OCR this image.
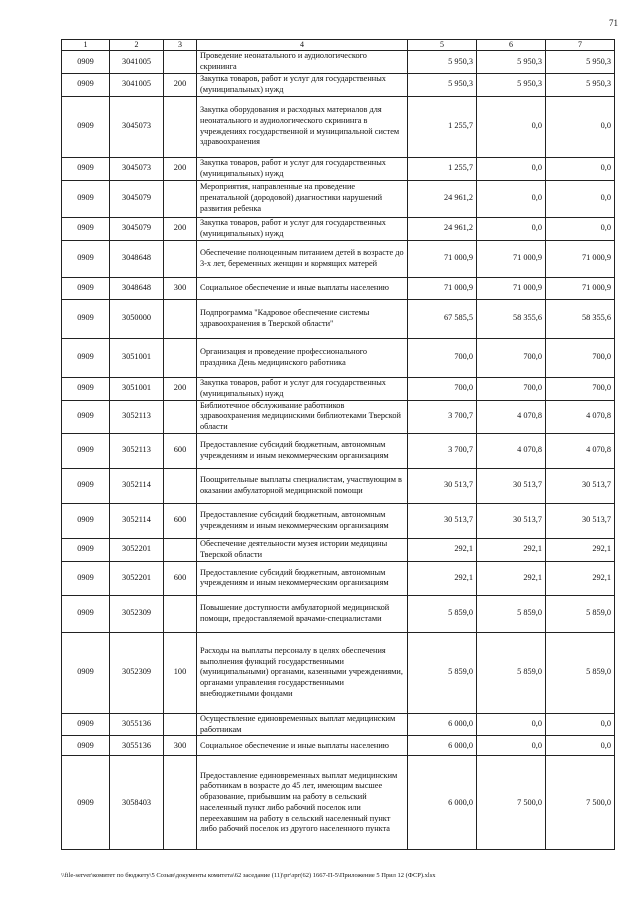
71
1	2	3	4	5	6	7
0909	3041005		Проведение неонатального и аудиологического скрининга	5 950,3	5 950,3	5 950,3
0909	3041005	200	Закупка товаров, работ и услуг для государственных (муниципальных) нужд	5 950,3	5 950,3	5 950,3
0909	3045073		Закупка оборудования и расходных материалов для неонатального и аудиологического скрининга в учреждениях государственной и муниципальной систем здравоохранения	1 255,7	0,0	0,0
0909	3045073	200	Закупка товаров, работ и услуг для государственных (муниципальных) нужд	1 255,7	0,0	0,0
0909	3045079		Мероприятия, направленные на проведение пренатальной (дородовой) диагностики нарушений развития ребенка	24 961,2	0,0	0,0
0909	3045079	200	Закупка товаров, работ и услуг для государственных (муниципальных) нужд	24 961,2	0,0	0,0
0909	3048648		Обеспечение полноценным питанием детей в возрасте до 3-х лет, беременных женщин и кормящих матерей	71 000,9	71 000,9	71 000,9
0909	3048648	300	Социальное обеспечение и иные выплаты населению	71 000,9	71 000,9	71 000,9
0909	3050000		Подпрограмма "Кадровое обеспечение системы здравоохранения в Тверской области"	67 585,5	58 355,6	58 355,6
0909	3051001		Организация и проведение профессионального праздника День медицинского работника	700,0	700,0	700,0
0909	3051001	200	Закупка товаров, работ и услуг для государственных (муниципальных) нужд	700,0	700,0	700,0
0909	3052113		Библиотечное обслуживание работников здравоохранения медицинскими библиотеками Тверской области	3 700,7	4 070,8	4 070,8
0909	3052113	600	Предоставление субсидий бюджетным, автономным учреждениям и иным некоммерческим организациям	3 700,7	4 070,8	4 070,8
0909	3052114		Поощрительные выплаты специалистам, участвующим в оказании амбулаторной медицинской помощи	30 513,7	30 513,7	30 513,7
0909	3052114	600	Предоставление субсидий бюджетным, автономным учреждениям и иным некоммерческим организациям	30 513,7	30 513,7	30 513,7
0909	3052201		Обеспечение деятельности музея истории медицины Тверской области	292,1	292,1	292,1
0909	3052201	600	Предоставление субсидий бюджетным, автономным учреждениям и иным некоммерческим организациям	292,1	292,1	292,1
0909	3052309		Повышение доступности амбулаторной медицинской помощи, предоставляемой врачами-специалистами	5 859,0	5 859,0	5 859,0
0909	3052309	100	Расходы на выплаты персоналу в целях обеспечения выполнения функций государственными (муниципальными) органами, казенными учреждениями, органами управления государственными внебюджетными фондами	5 859,0	5 859,0	5 859,0
0909	3055136		Осуществление единовременных выплат медицинским работникам	6 000,0	0,0	0,0
0909	3055136	300	Социальное обеспечение и иные выплаты населению	6 000,0	0,0	0,0
0909	3058403		Предоставление единовременных выплат медицинским работникам в возрасте до 45 лет, имеющим высшее образование, прибывшим на работу в сельский населенный пункт либо рабочий поселок или переехавшим на работу в сельский населенный пункт либо рабочий поселок из другого населенного пункта	6 000,0	7 500,0	7 500,0
\\file-server\комитет по бюджету\5 Созыв\документы комитета\62 заседание (11)\рг\зрг(62) 1667-П-5\Приложение 5 Прил 12 (ФСР).xlsx
